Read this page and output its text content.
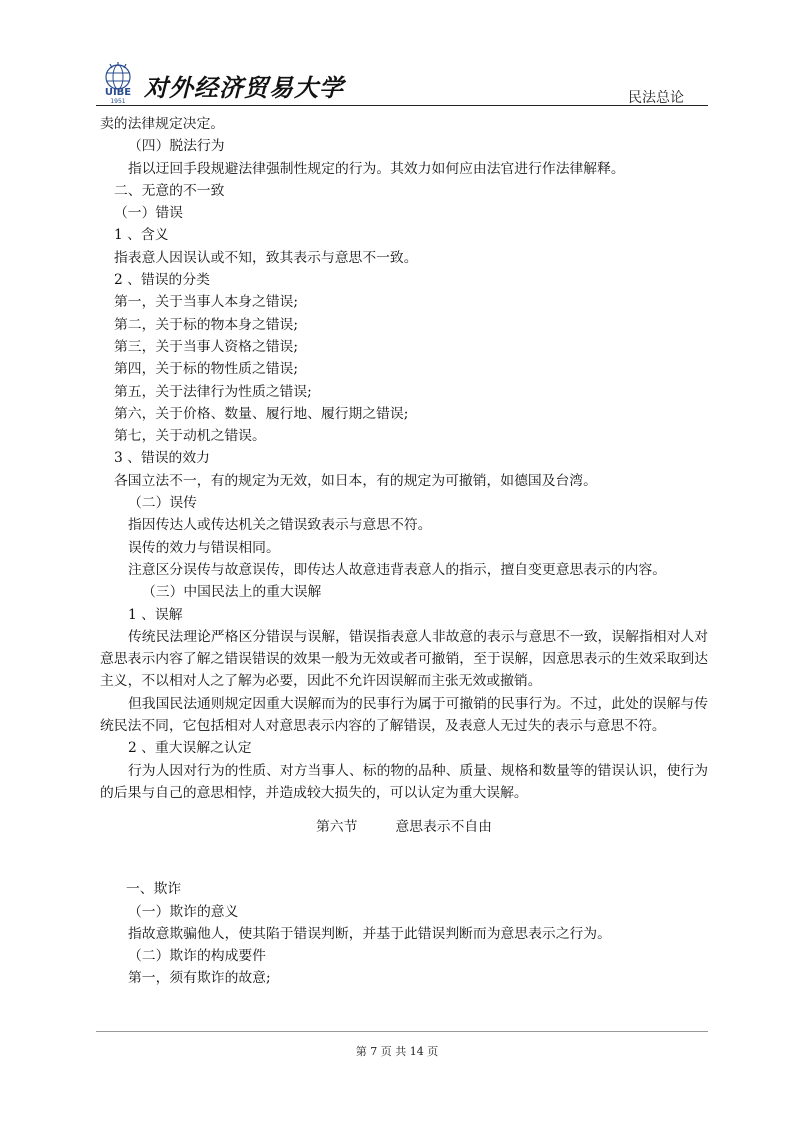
UIBE
1951 对外经济贸易大学	民法总论
卖的法律规定决定。
（四）脱法行为
指以迂回手段规避法律强制性规定的行为。其效力如何应由法官进行作法律解释。
二、无意的不一致
（一）错误
1 、含义
指表意人因误认或不知，致其表示与意思不一致。
2 、错误的分类
第一，关于当事人本身之错误;
第二，关于标的物本身之错误;
第三，关于当事人资格之错误;
第四，关于标的物性质之错误;
第五，关于法律行为性质之错误;
第六，关于价格、数量、履行地、履行期之错误;
第七，关于动机之错误。
3 、错误的效力
各国立法不一，有的规定为无效，如日本，有的规定为可撤销，如德国及台湾。
（二）误传
指因传达人或传达机关之错误致表示与意思不符。
误传的效力与错误相同。
注意区分误传与故意误传，即传达人故意违背表意人的指示，擅自变更意思表示的内容。
（三）中国民法上的重大误解
1 、误解
传统民法理论严格区分错误与误解，错误指表意人非故意的表示与意思不一致，误解指相对人对意思表示内容了解之错误错误的效果一般为无效或者可撤销，至于误解，因意思表示的生效采取到达主义，不以相对人之了解为必要，因此不允许因误解而主张无效或撤销。
但我国民法通则规定因重大误解而为的民事行为属于可撤销的民事行为。不过，此处的误解与传统民法不同，它包括相对人对意思表示内容的了解错误，及表意人无过失的表示与意思不符。
2 、重大误解之认定
行为人因对行为的性质、对方当事人、标的物的品种、质量、规格和数量等的错误认识，使行为的后果与自己的意思相悖，并造成较大损失的，可以认定为重大误解。
第六节	意思表示不自由
一、欺诈
（一）欺诈的意义
指故意欺骗他人，使其陷于错误判断，并基于此错误判断而为意思表示之行为。
（二）欺诈的构成要件
第一，须有欺诈的故意;
第 7 页 共 14 页
